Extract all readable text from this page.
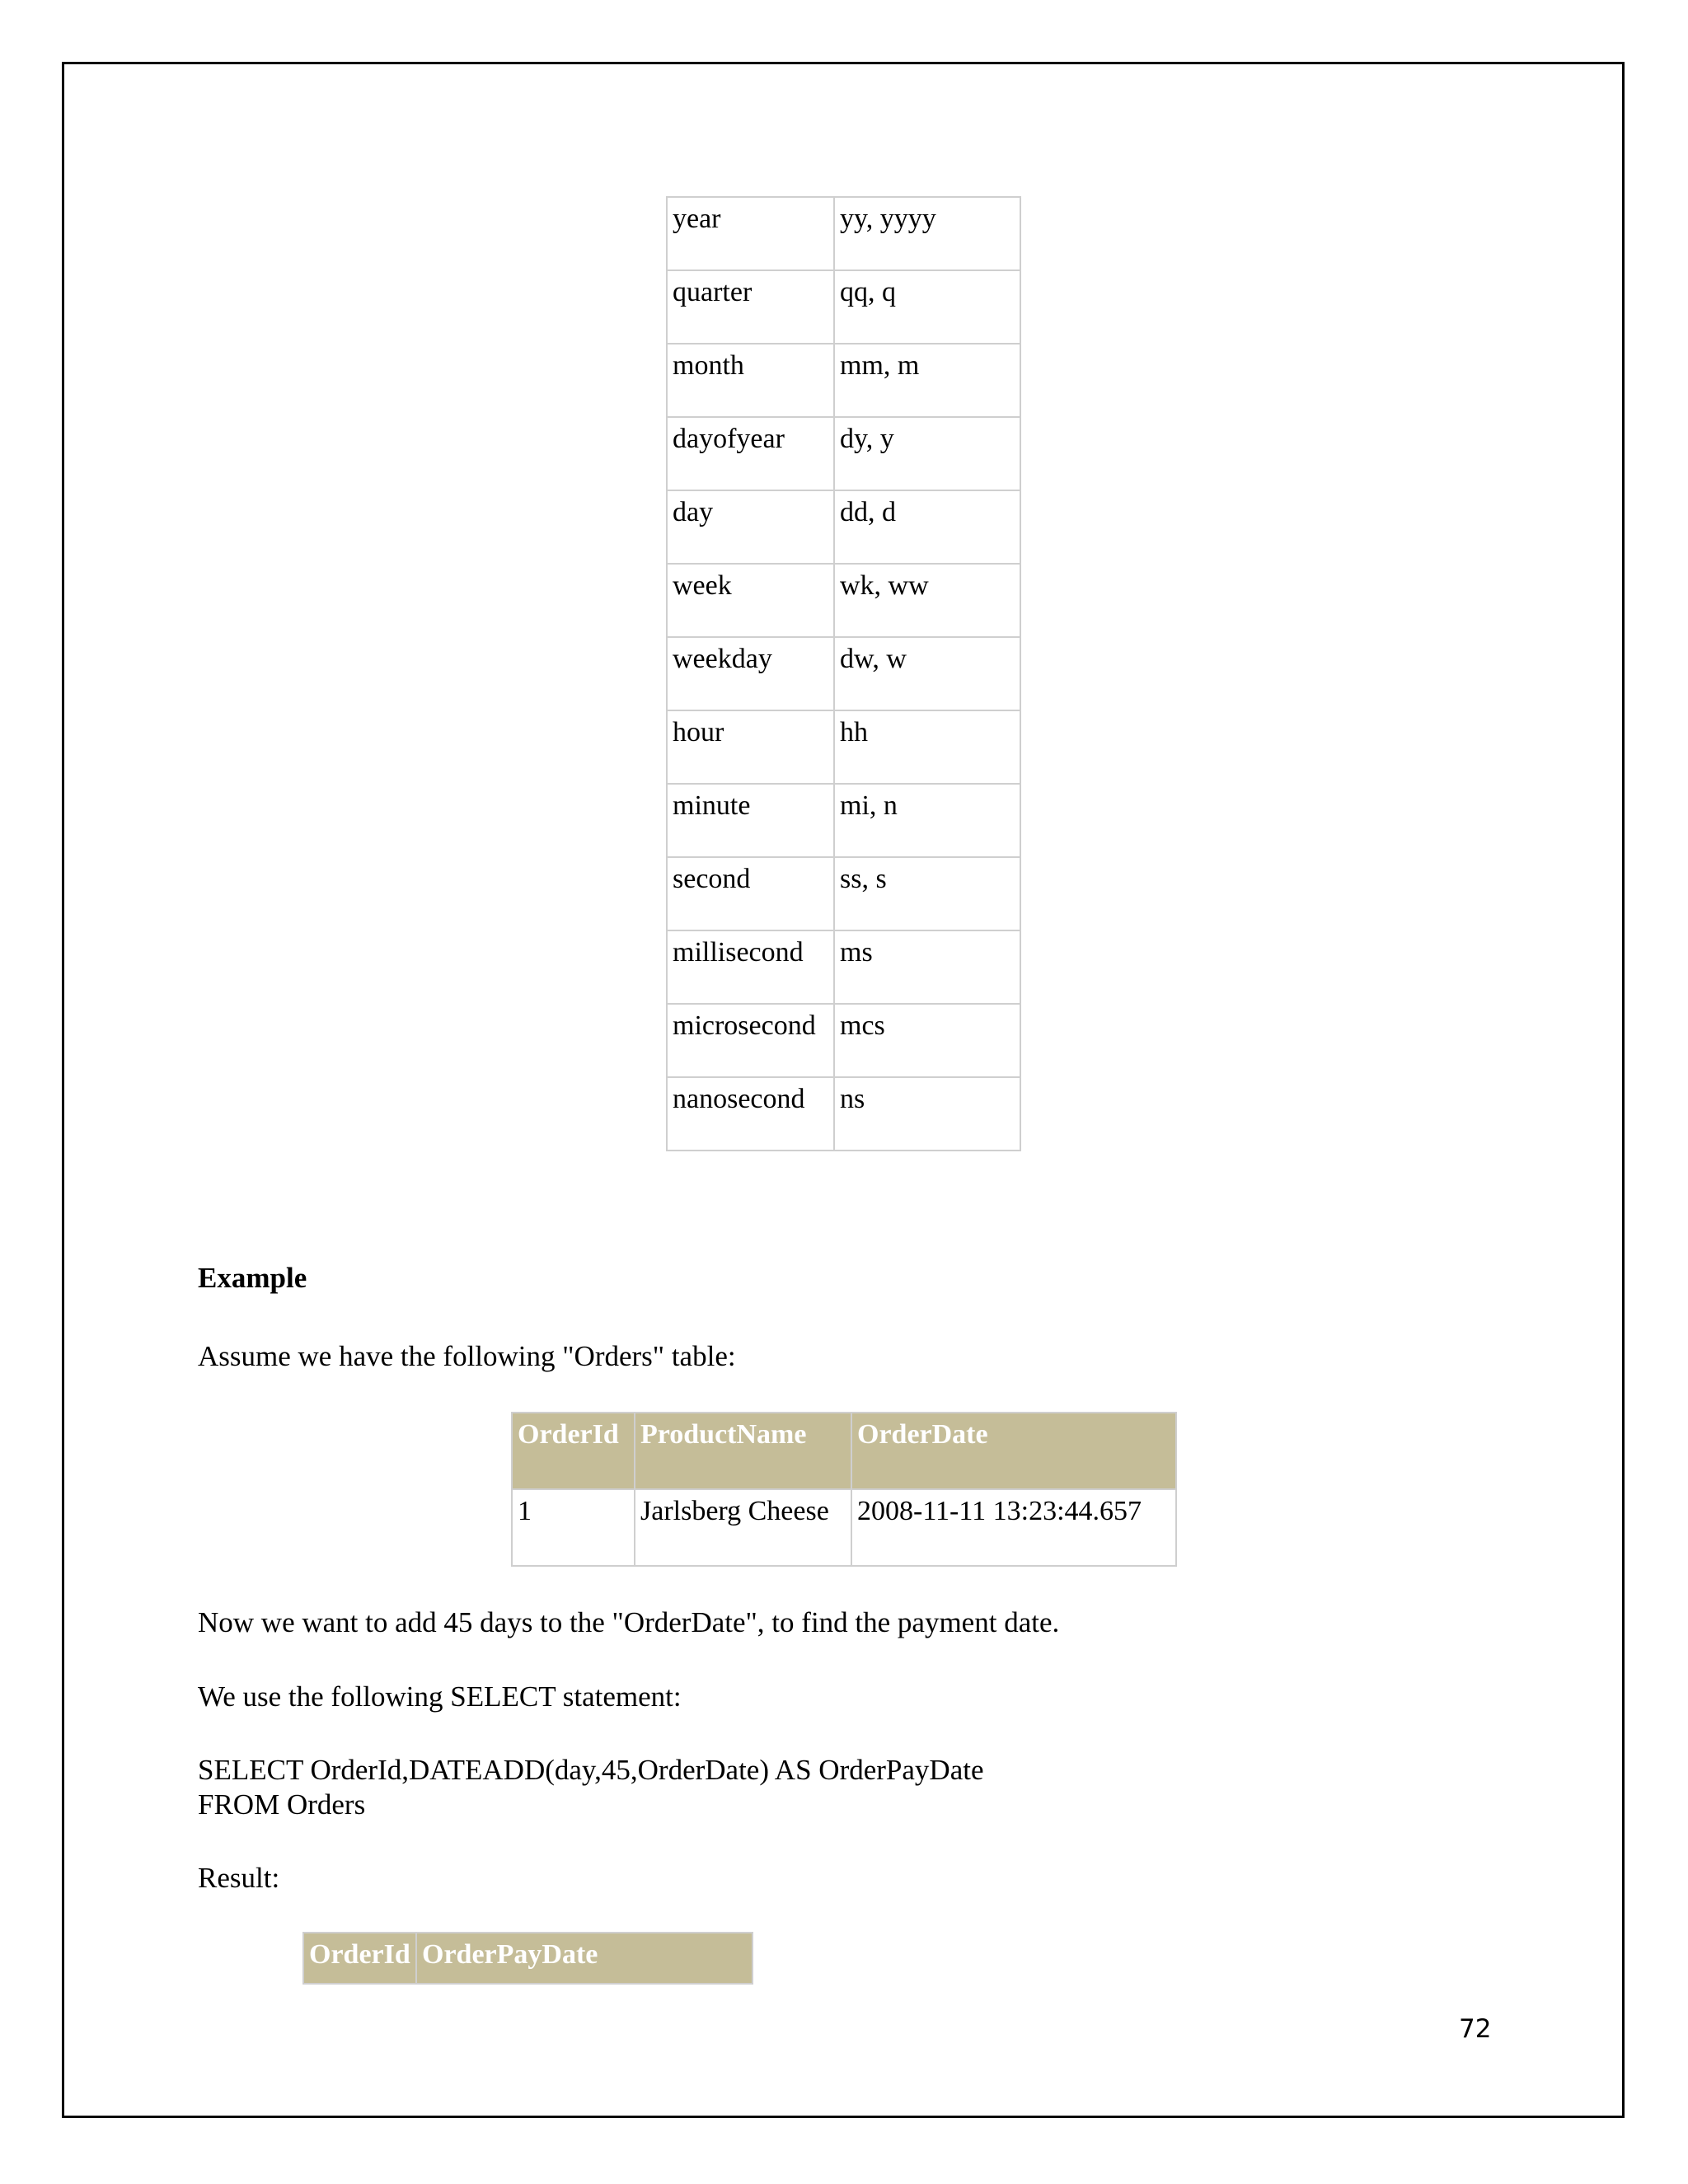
year	yy, yyyy
quarter	qq, q
month	mm, m
dayofyear	dy, y
day	dd, d
week	wk, ww
weekday	dw, w
hour	hh
minute	mi, n
second	ss, s
millisecond	ms
microsecond	mcs
nanosecond	ns
Example
Assume we have the following "Orders" table:
OrderId	ProductName	OrderDate
1	Jarlsberg Cheese	2008-11-11 13:23:44.657
Now we want to add 45 days to the "OrderDate", to find the payment date.
We use the following SELECT statement:
SELECT OrderId,DATEADD(day,45,OrderDate) AS OrderPayDate
FROM Orders
Result:
OrderId	OrderPayDate
72
